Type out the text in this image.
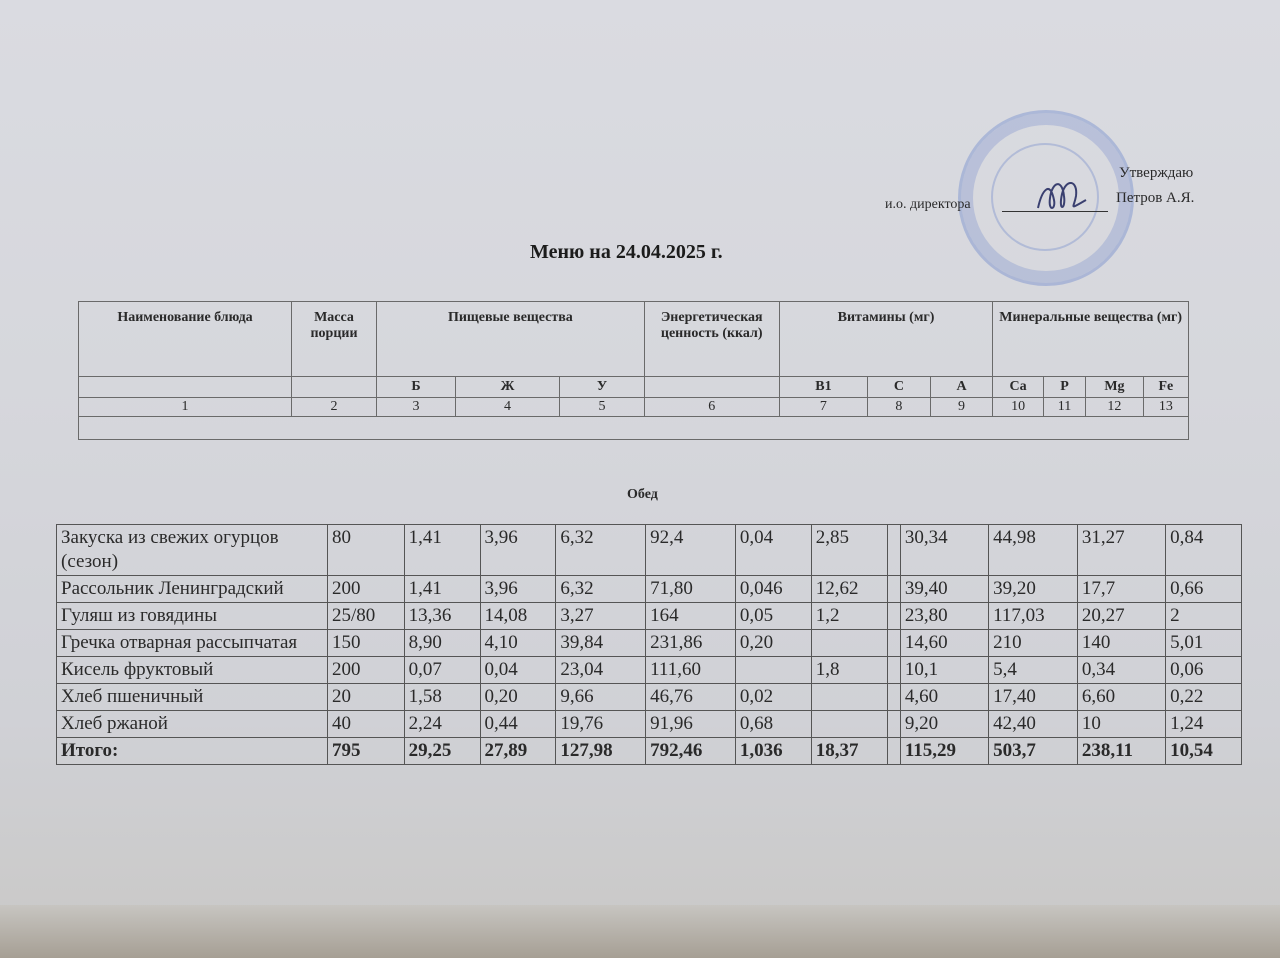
Утверждаю
и.о. директора	Петров А.Я.
Меню на 24.04.2025 г.
Наименование блюда	Масса порции	Пищевые вещества			Энергетическая ценность (ккал)	Витамины (мг)			Минеральные вещества (мг)			
		Б	Ж	У		B1	C	A	Ca	P	Mg	Fe
1	2	3	4	5	6	7	8	9	10	11	12	13

Обед
Закуска из свежих огурцов (сезон)	80	1,41	3,96	6,32	92,4	0,04	2,85		30,34	44,98	31,27	0,84
Рассольник Ленинградский	200	1,41	3,96	6,32	71,80	0,046	12,62		39,40	39,20	17,7	0,66
Гуляш из говядины	25/80	13,36	14,08	3,27	164	0,05	1,2		23,80	117,03	20,27	2
Гречка отварная рассыпчатая	150	8,90	4,10	39,84	231,86	0,20			14,60	210	140	5,01
Кисель фруктовый	200	0,07	0,04	23,04	111,60		1,8		10,1	5,4	0,34	0,06
Хлеб пшеничный	20	1,58	0,20	9,66	46,76	0,02			4,60	17,40	6,60	0,22
Хлеб ржаной	40	2,24	0,44	19,76	91,96	0,68			9,20	42,40	10	1,24
Итого:	795	29,25	27,89	127,98	792,46	1,036	18,37		115,29	503,7	238,11	10,54
